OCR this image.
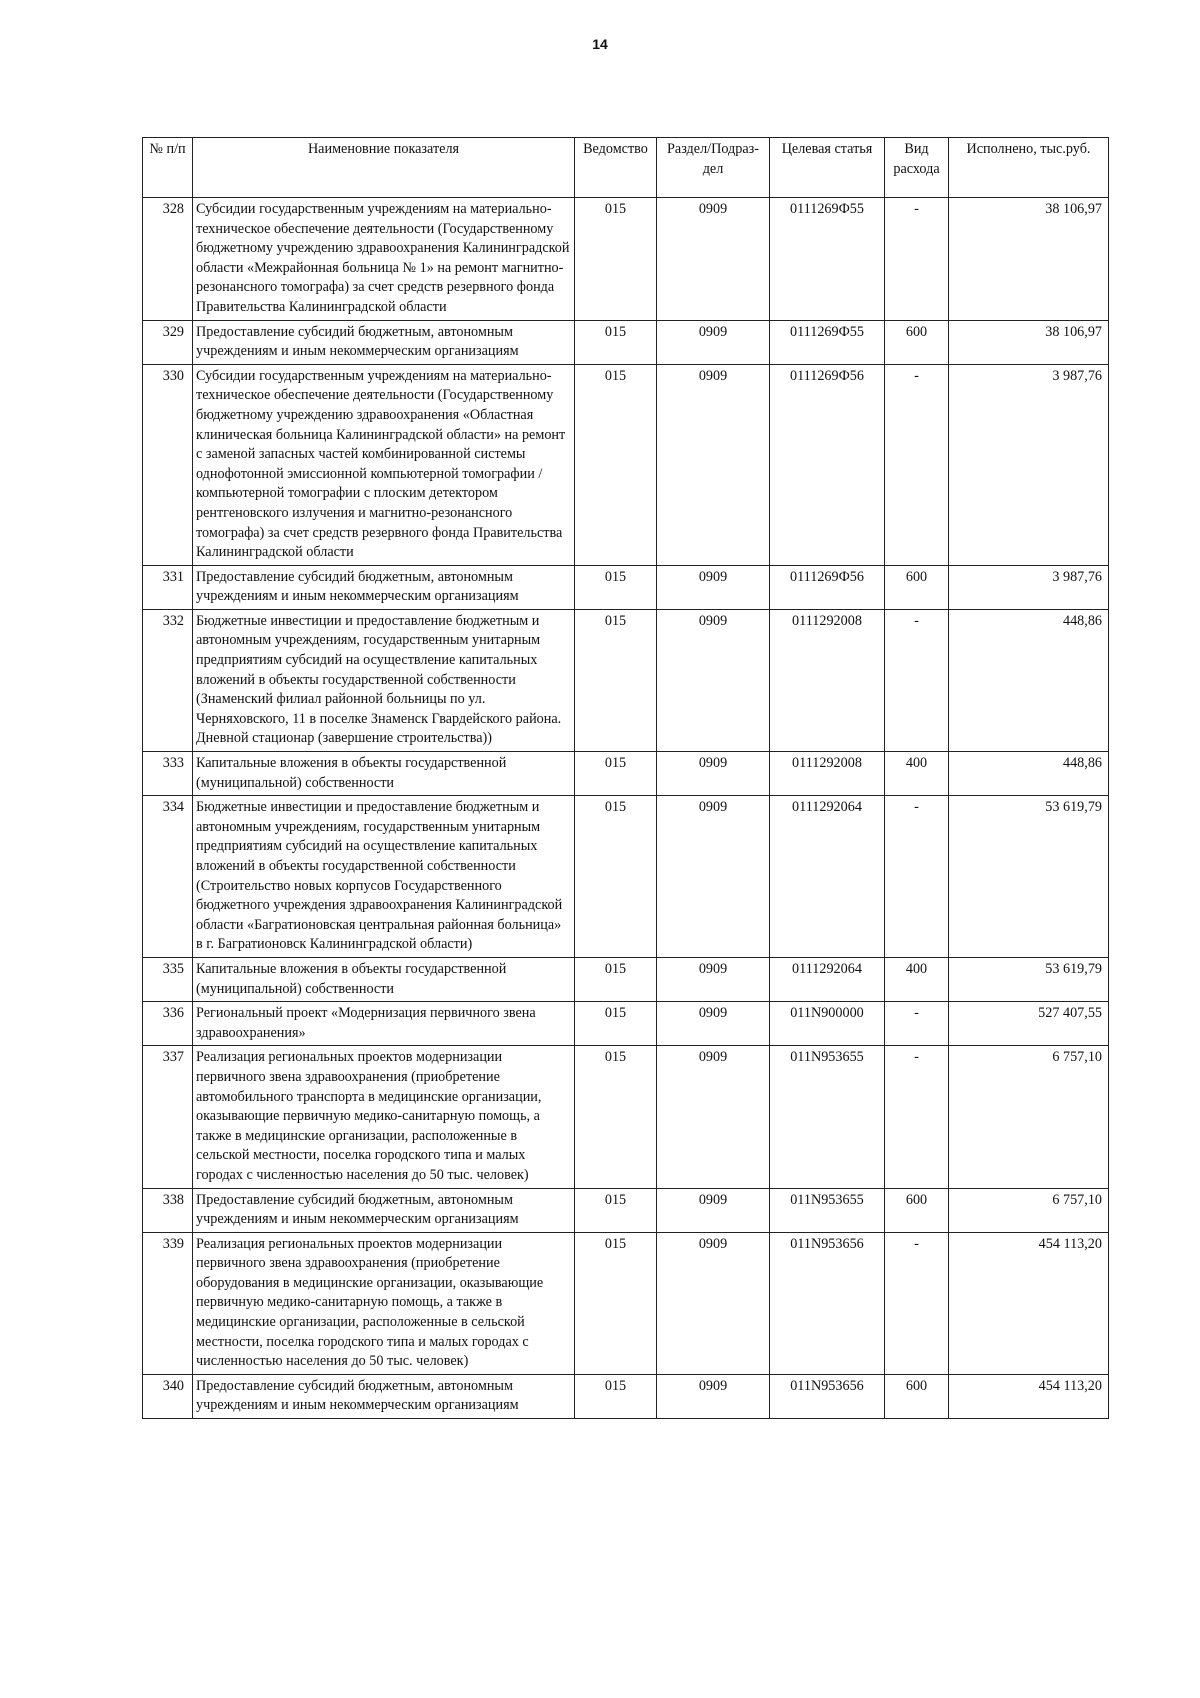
14
№ п/п	Наименовние показателя	Ведомство	Раздел/Подраз-дел	Целевая статья	Вид расхода	Исполнено, тыс.руб.
328	Субсидии государственным учреждениям на материально-техническое обеспечение деятельности (Государственному бюджетному учреждению здравоохранения Калининградской области «Межрайонная больница № 1» на ремонт магнитно-резонансного томографа) за счет средств резервного фонда Правительства Калининградской области	015	0909	0111269Ф55	-	38 106,97
329	Предоставление субсидий бюджетным, автономным учреждениям и иным некоммерческим организациям	015	0909	0111269Ф55	600	38 106,97
330	Субсидии государственным учреждениям на материально-техническое обеспечение деятельности (Государственному бюджетному учреждению здравоохранения «Областная клиническая больница Калининградской области» на ремонт с заменой запасных частей комбинированной системы однофотонной эмиссионной компьютерной томографии / компьютерной томографии с плоским детектором рентгеновского излучения и магнитно-резонансного томографа) за счет средств резервного фонда Правительства Калининградской области	015	0909	0111269Ф56	-	3 987,76
331	Предоставление субсидий бюджетным, автономным учреждениям и иным некоммерческим организациям	015	0909	0111269Ф56	600	3 987,76
332	Бюджетные инвестиции и предоставление бюджетным и автономным учреждениям, государственным унитарным предприятиям субсидий на осуществление капитальных вложений в объекты государственной собственности (Знаменский филиал районной больницы по ул. Черняховского, 11 в поселке Знаменск Гвардейского района. Дневной стационар (завершение строительства))	015	0909	0111292008	-	448,86
333	Капитальные вложения в объекты государственной (муниципальной) собственности	015	0909	0111292008	400	448,86
334	Бюджетные инвестиции и предоставление бюджетным и автономным учреждениям, государственным унитарным предприятиям субсидий на осуществление капитальных вложений в объекты государственной собственности (Строительство новых корпусов Государственного бюджетного учреждения здравоохранения Калининградской области «Багратионовская центральная районная больница» в г. Багратионовск Калининградской области)	015	0909	0111292064	-	53 619,79
335	Капитальные вложения в объекты государственной (муниципальной) собственности	015	0909	0111292064	400	53 619,79
336	Региональный проект «Модернизация первичного звена здравоохранения»	015	0909	011N900000	-	527 407,55
337	Реализация региональных проектов модернизации первичного звена здравоохранения (приобретение автомобильного транспорта в медицинские организации, оказывающие первичную медико-санитарную помощь, а также в медицинские организации, расположенные в сельской местности, поселка городского типа и малых городах с численностью населения до 50 тыс. человек)	015	0909	011N953655	-	6 757,10
338	Предоставление субсидий бюджетным, автономным учреждениям и иным некоммерческим организациям	015	0909	011N953655	600	6 757,10
339	Реализация региональных проектов модернизации первичного звена здравоохранения (приобретение оборудования в медицинские организации, оказывающие первичную медико-санитарную помощь, а также в медицинские организации, расположенные в сельской местности, поселка городского типа и малых городах с численностью населения до 50 тыс. человек)	015	0909	011N953656	-	454 113,20
340	Предоставление субсидий бюджетным, автономным учреждениям и иным некоммерческим организациям	015	0909	011N953656	600	454 113,20
